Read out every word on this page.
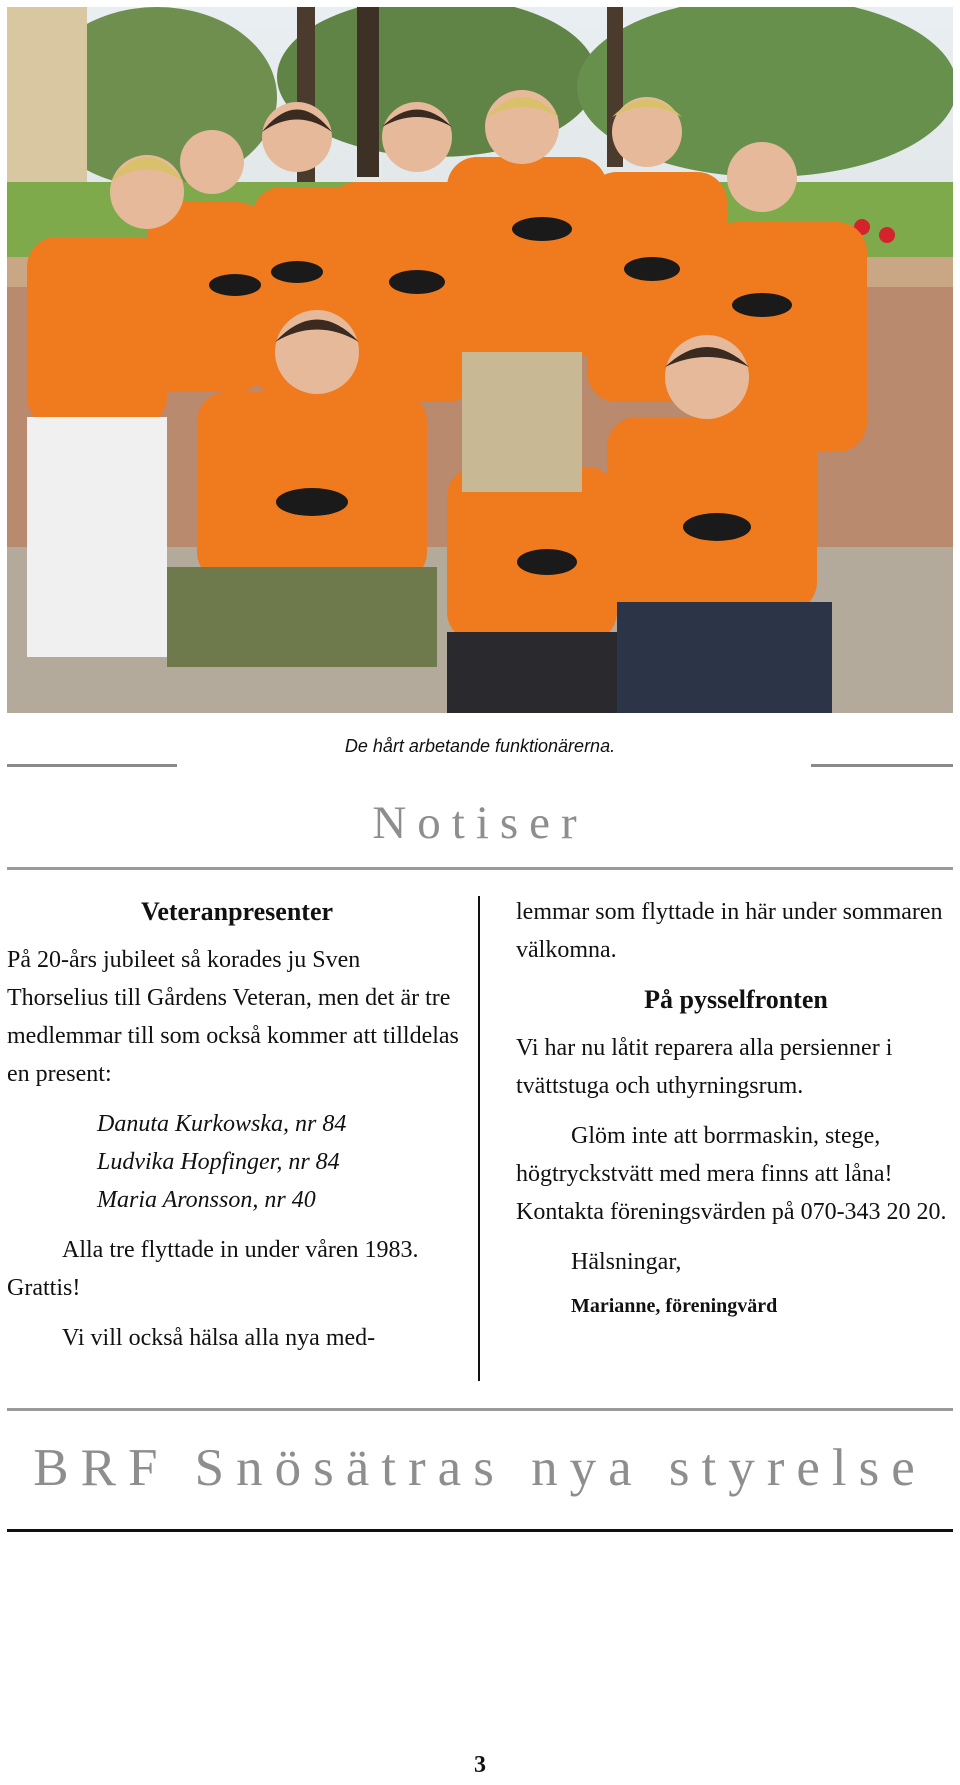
De hårt arbetande funktionärerna.
Notiser
Veteranpresenter
På 20-års jubileet så korades ju Sven Thorselius till Gårdens Veteran, men det är tre medlemmar till som också kommer att tilldelas en present:
Danuta Kurkowska, nr 84
Ludvika Hopfinger, nr 84
Maria Aronsson, nr 40
Alla tre flyttade in under våren 1983. Grattis!
Vi vill också hälsa alla nya med-
lemmar som flyttade in här under sommaren välkomna.
På pysselfronten
Vi har nu låtit reparera alla persienner i tvättstuga och uthyrningsrum.
Glöm inte att borrmaskin, stege, högtryckstvätt med mera finns att låna! Kontakta föreningsvärden på 070-343 20 20.
Hälsningar,
Marianne, föreningvärd
BRF Snösätras nya styrelse
3
